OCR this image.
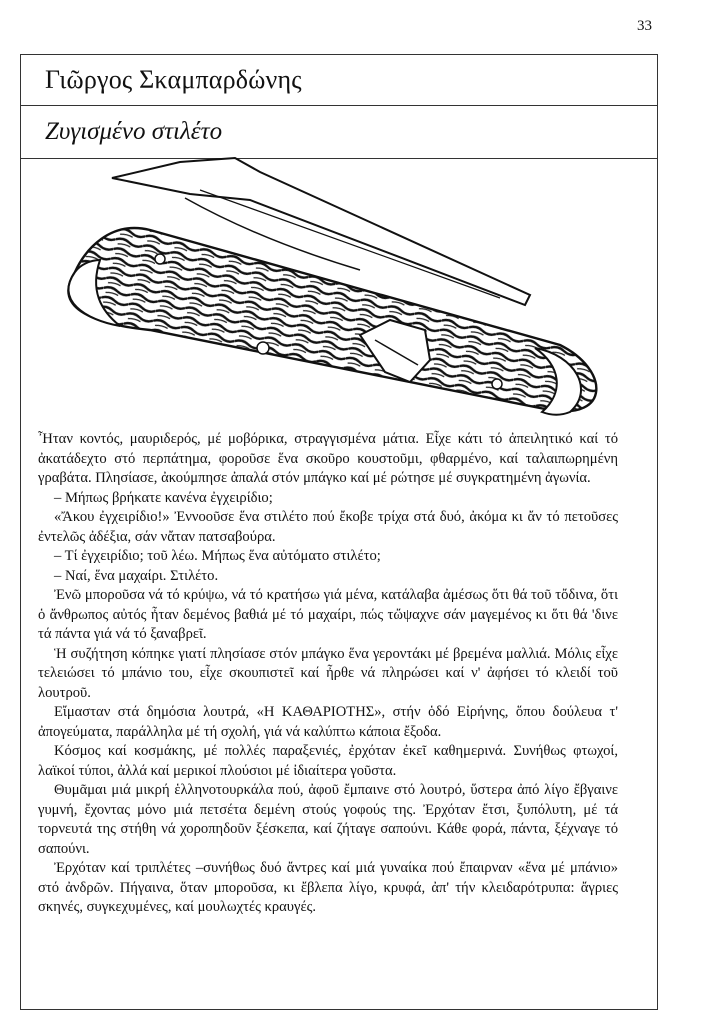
33
Γιῶργος Σκαμπαρδώνης
Ζυγισμένο στιλέτο

Ἦταν κοντός, μαυριδερός, μέ μοβόρικα, στραγγισμένα μάτια. Εἶχε κάτι τό ἀπειλητικό καί τό ἀκατάδεχτο στό περπάτημα, φοροῦσε ἕνα σκοῦρο κουστοῦμι, φθαρμένο, καί ταλαιπωρημένη γραβάτα. Πλησίασε, ἀκούμπησε ἀπαλά στόν μπάγκο καί μέ ρώτησε μέ συγκρατημένη ἀγωνία.

– Μήπως βρήκατε κανένα ἐγχειρίδιο;

«Ἄκου ἐγχειρίδιο!» Ἐννοοῦσε ἕνα στιλέτο πού ἔκοβε τρίχα στά δυό, ἀκόμα κι ἄν τό πετοῦσες ἐντελῶς ἀδέξια, σάν νἄταν πατσαβούρα.

– Τί ἐγχειρίδιο; τοῦ λέω. Μήπως ἕνα αὐτόματο στιλέτο;

– Ναί, ἕνα μαχαίρι. Στιλέτο.

Ἐνῶ μποροῦσα νά τό κρύψω, νά τό κρατήσω γιά μένα, κατάλαβα ἀμέσως ὅτι θά τοῦ τὄδινα, ὅτι ὁ ἄνθρωπος αὐτός ἦταν δεμένος βαθιά μέ τό μαχαίρι, πώς τὤψαχνε σάν μαγεμένος κι ὅτι θά 'δινε τά πάντα γιά νά τό ξαναβρεῖ.

Ἡ συζήτηση κόπηκε γιατί πλησίασε στόν μπάγκο ἕνα γεροντάκι μέ βρεμένα μαλλιά. Μόλις εἶχε τελειώσει τό μπάνιο του, εἶχε σκουπιστεῖ καί ἦρθε νά πληρώσει καί ν' ἀφήσει τό κλειδί τοῦ λουτροῦ.

Εἴμασταν στά δημόσια λουτρά, «Η ΚΑΘΑΡΙΟΤΗΣ», στήν ὁδό Εἰρήνης, ὅπου δούλευα τ' ἀπογεύματα, παράλληλα μέ τή σχολή, γιά νά καλύπτω κάποια ἔξοδα.

Κόσμος καί κοσμάκης, μέ πολλές παραξενιές, ἐρχόταν ἐκεῖ καθημερινά. Συνήθως φτωχοί, λαϊκοί τύποι, ἀλλά καί μερικοί πλούσιοι μέ ἰδιαίτερα γοῦστα.

Θυμᾶμαι μιά μικρή ἑλληνοτουρκάλα πού, ἀφοῦ ἔμπαινε στό λουτρό, ὕστερα ἀπό λίγο ἔβγαινε γυμνή, ἔχοντας μόνο μιά πετσέτα δεμένη στούς γοφούς της. Ἐρχόταν ἔτσι, ξυπόλυτη, μέ τά τορνευτά της στήθη νά χοροπηδοῦν ξέσκεπα, καί ζήταγε σαπούνι. Κάθε φορά, πάντα, ξέχναγε τό σαπούνι.

Ἐρχόταν καί τριπλέτες –συνήθως δυό ἄντρες καί μιά γυναίκα πού ἔπαιρναν «ἕνα μέ μπάνιο» στό ἀνδρῶν. Πήγαινα, ὅταν μποροῦσα, κι ἔβλεπα λίγο, κρυφά, ἀπ' τήν κλειδαρότρυπα: ἄγριες σκηνές, συγκεχυμένες, καί μουλωχτές κραυγές.
